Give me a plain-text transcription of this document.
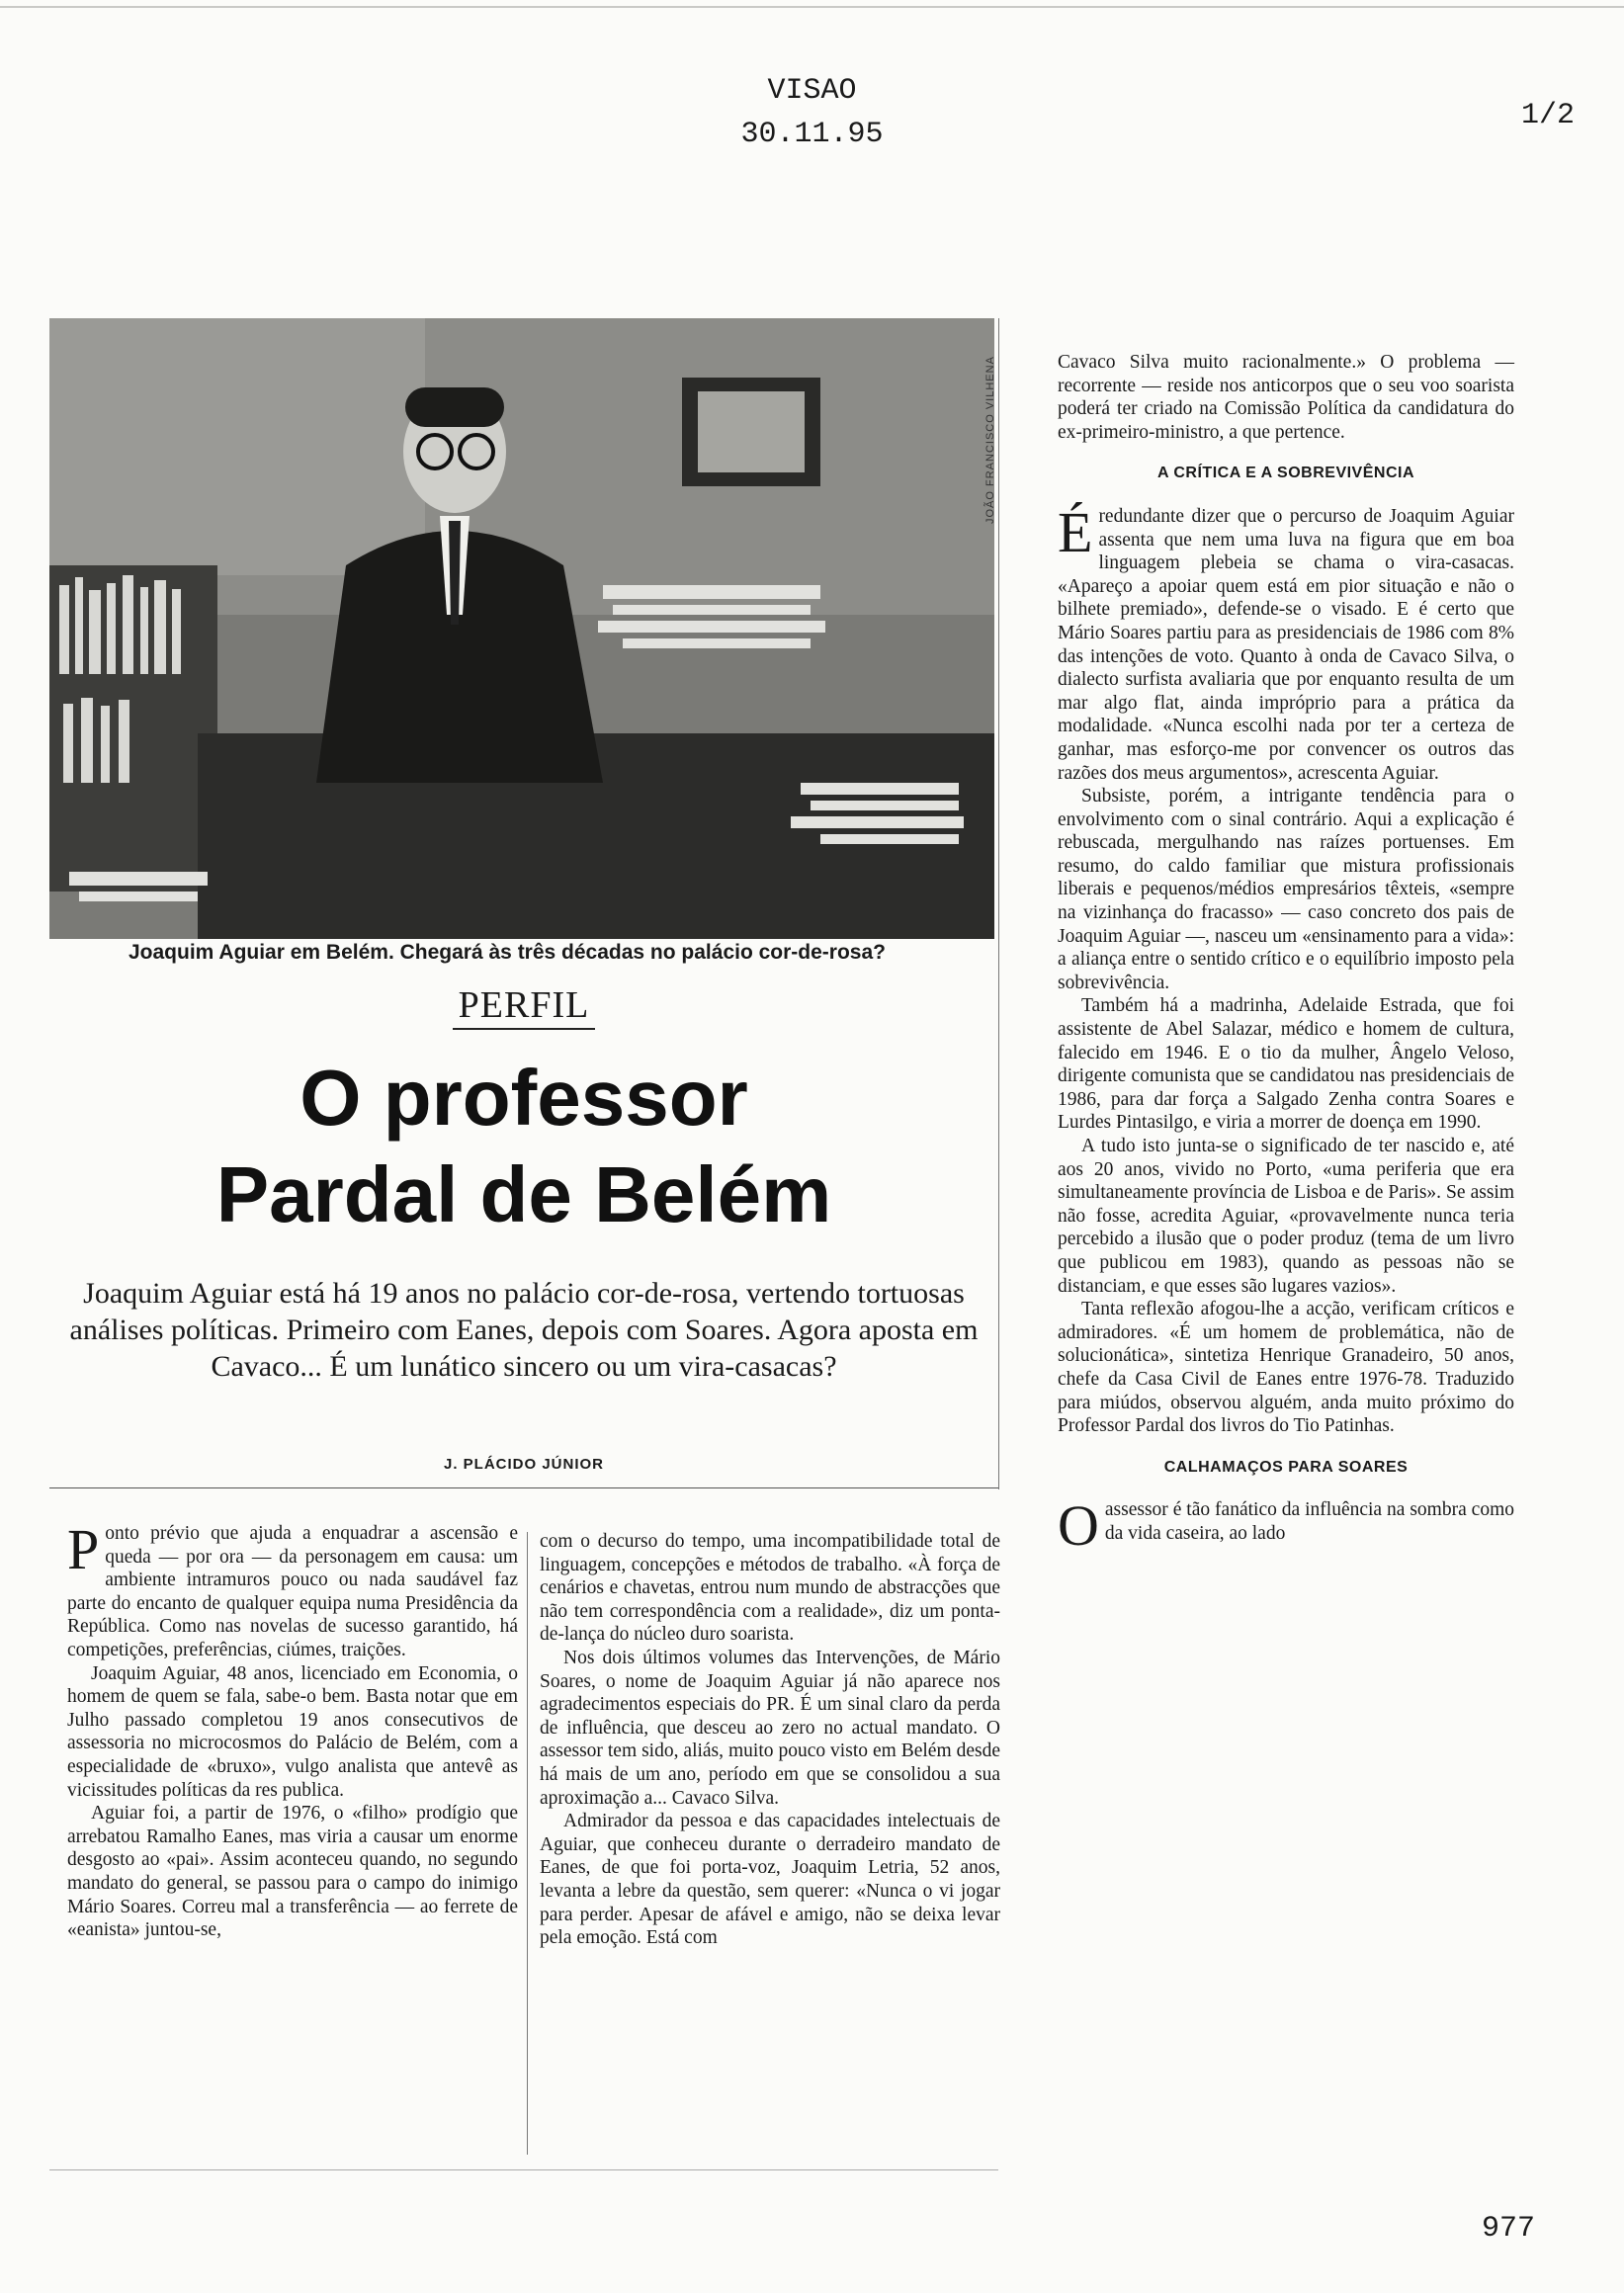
VISAO
30.11.95
1/2
JOÃO FRANCISCO VILHENA
Joaquim Aguiar em Belém. Chegará às três décadas no palácio cor-de-rosa?
PERFIL
O professor
Pardal de Belém
Joaquim Aguiar está há 19 anos no palácio cor-de-rosa, vertendo tortuosas análises políticas. Primeiro com Eanes, depois com Soares. Agora aposta em Cavaco... É um lunático sincero ou um vira-casacas?
J. PLÁCIDO JÚNIOR

Ponto prévio que ajuda a enquadrar a ascensão e queda — por ora — da personagem em causa: um ambiente intramuros pouco ou nada saudável faz parte do encanto de qualquer equipa numa Presidência da República. Como nas novelas de sucesso garantido, há competições, preferências, ciúmes, traições.

Joaquim Aguiar, 48 anos, licenciado em Economia, o homem de quem se fala, sabe-o bem. Basta notar que em Julho passado completou 19 anos consecutivos de assessoria no microcosmos do Palácio de Belém, com a especialidade de «bruxo», vulgo analista que antevê as vicissitudes políticas da res publica.

Aguiar foi, a partir de 1976, o «filho» prodígio que arrebatou Ramalho Eanes, mas viria a causar um enorme desgosto ao «pai». Assim aconteceu quando, no segundo mandato do general, se passou para o campo do inimigo Mário Soares. Correu mal a transferência — ao ferrete de «eanista» juntou-se,

com o decurso do tempo, uma incompatibilidade total de linguagem, concepções e métodos de trabalho. «À força de cenários e chavetas, entrou num mundo de abstracções que não tem correspondência com a realidade», diz um ponta-de-lança do núcleo duro soarista.

Nos dois últimos volumes das Intervenções, de Mário Soares, o nome de Joaquim Aguiar já não aparece nos agradecimentos especiais do PR. É um sinal claro da perda de influência, que desceu ao zero no actual mandato. O assessor tem sido, aliás, muito pouco visto em Belém desde há mais de um ano, período em que se consolidou a sua aproximação a... Cavaco Silva.

Admirador da pessoa e das capacidades intelectuais de Aguiar, que conheceu durante o derradeiro mandato de Eanes, de que foi porta-voz, Joaquim Letria, 52 anos, levanta a lebre da questão, sem querer: «Nunca o vi jogar para perder. Apesar de afável e amigo, não se deixa levar pela emoção. Está com

Cavaco Silva muito racionalmente.» O problema — recorrente — reside nos anticorpos que o seu voo soarista poderá ter criado na Comissão Política da candidatura do ex-primeiro-ministro, a que pertence.

A CRÍTICA E A SOBREVIVÊNCIA

Éredundante dizer que o percurso de Joaquim Aguiar assenta que nem uma luva na figura que em boa linguagem plebeia se chama o vira-casacas. «Apareço a apoiar quem está em pior situação e não o bilhete premiado», defende-se o visado. E é certo que Mário Soares partiu para as presidenciais de 1986 com 8% das intenções de voto. Quanto à onda de Cavaco Silva, o dialecto surfista avaliaria que por enquanto resulta de um mar algo flat, ainda impróprio para a prática da modalidade. «Nunca escolhi nada por ter a certeza de ganhar, mas esforço-me por convencer os outros das razões dos meus argumentos», acrescenta Aguiar.

Subsiste, porém, a intrigante tendência para o envolvimento com o sinal contrário. Aqui a explicação é rebuscada, mergulhando nas raízes portuenses. Em resumo, do caldo familiar que mistura profissionais liberais e pequenos/médios empresários têxteis, «sempre na vizinhança do fracasso» — caso concreto dos pais de Joaquim Aguiar —, nasceu um «ensinamento para a vida»: a aliança entre o sentido crítico e o equilíbrio imposto pela sobrevivência.

Também há a madrinha, Adelaide Estrada, que foi assistente de Abel Salazar, médico e homem de cultura, falecido em 1946. E o tio da mulher, Ângelo Veloso, dirigente comunista que se candidatou nas presidenciais de 1986, para dar força a Salgado Zenha contra Soares e Lurdes Pintasilgo, e viria a morrer de doença em 1990.

A tudo isto junta-se o significado de ter nascido e, até aos 20 anos, vivido no Porto, «uma periferia que era simultaneamente província de Lisboa e de Paris». Se assim não fosse, acredita Aguiar, «provavelmente nunca teria percebido a ilusão que o poder produz (tema de um livro que publicou em 1983), quando as pessoas não se distanciam, e que esses são lugares vazios».

Tanta reflexão afogou-lhe a acção, verificam críticos e admiradores. «É um homem de problemática, não de solucionática», sintetiza Henrique Granadeiro, 50 anos, chefe da Casa Civil de Eanes entre 1976-78. Traduzido para miúdos, observou alguém, anda muito próximo do Professor Pardal dos livros do Tio Patinhas.

CALHAMAÇOS PARA SOARES

Oassessor é tão fanático da influência na sombra como da vida caseira, ao lado

977
